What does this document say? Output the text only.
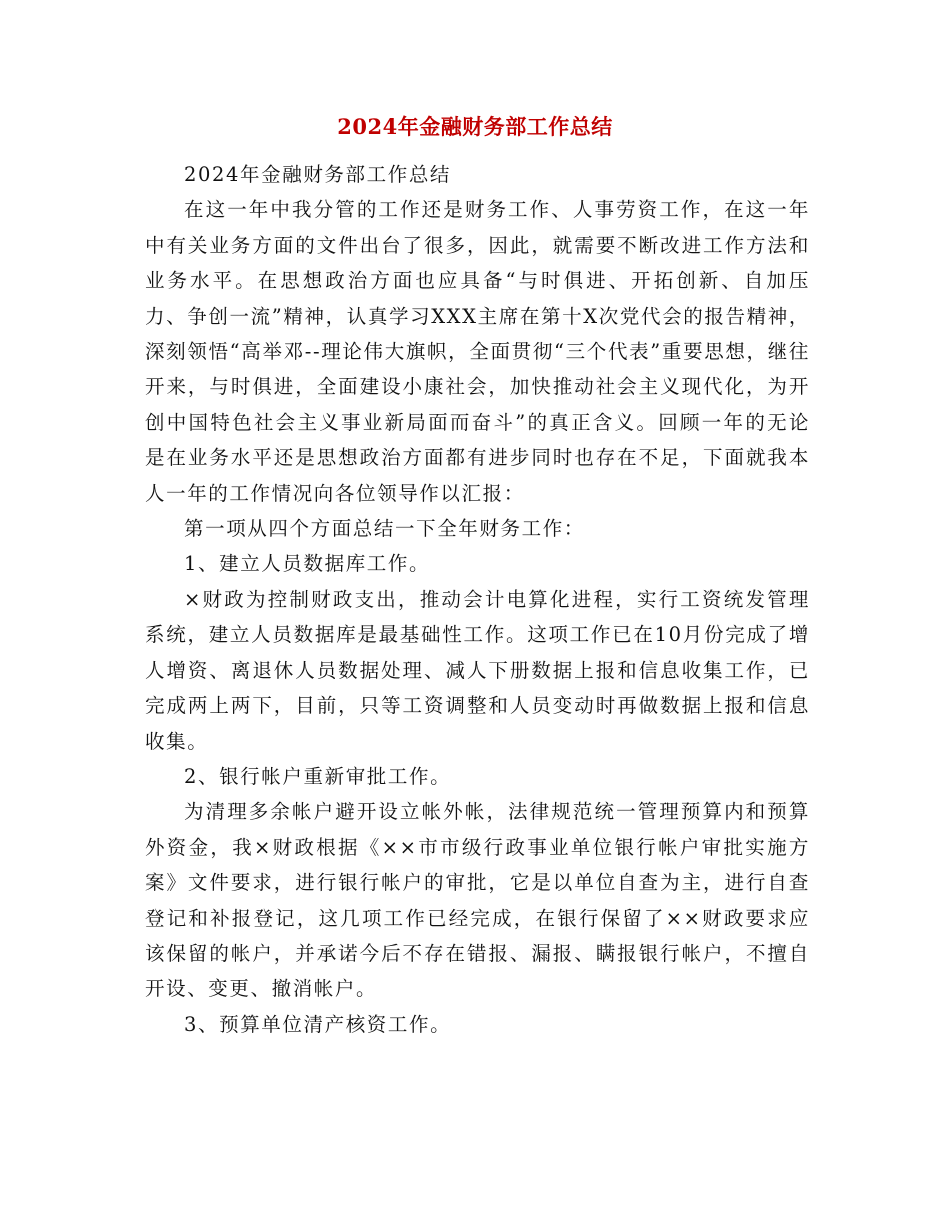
2024年金融财务部工作总结

2024年金融财务部工作总结

在这一年中我分管的工作还是财务工作、人事劳资工作，在这一年中有关业务方面的文件出台了很多，因此，就需要不断改进工作方法和业务水平。在思想政治方面也应具备“与时俱进、开拓创新、自加压力、争创一流”精神，认真学习XXX主席在第十X次党代会的报告精神，深刻领悟“高举邓--理论伟大旗帜，全面贯彻“三个代表”重要思想，继往开来，与时俱进，全面建设小康社会，加快推动社会主义现代化，为开创中国特色社会主义事业新局面而奋斗”的真正含义。回顾一年的无论是在业务水平还是思想政治方面都有进步同时也存在不足，下面就我本人一年的工作情况向各位领导作以汇报：

第一项从四个方面总结一下全年财务工作：

1、建立人员数据库工作。

×财政为控制财政支出，推动会计电算化进程，实行工资统发管理系统，建立人员数据库是最基础性工作。这项工作已在10月份完成了增人增资、离退休人员数据处理、减人下册数据上报和信息收集工作，已完成两上两下，目前，只等工资调整和人员变动时再做数据上报和信息收集。

2、银行帐户重新审批工作。

为清理多余帐户避开设立帐外帐，法律规范统一管理预算内和预算外资金，我×财政根据《××市市级行政事业单位银行帐户审批实施方案》文件要求，进行银行帐户的审批，它是以单位自查为主，进行自查登记和补报登记，这几项工作已经完成，在银行保留了××财政要求应该保留的帐户，并承诺今后不存在错报、漏报、瞒报银行帐户，不擅自开设、变更、撤消帐户。

3、预算单位清产核资工作。
